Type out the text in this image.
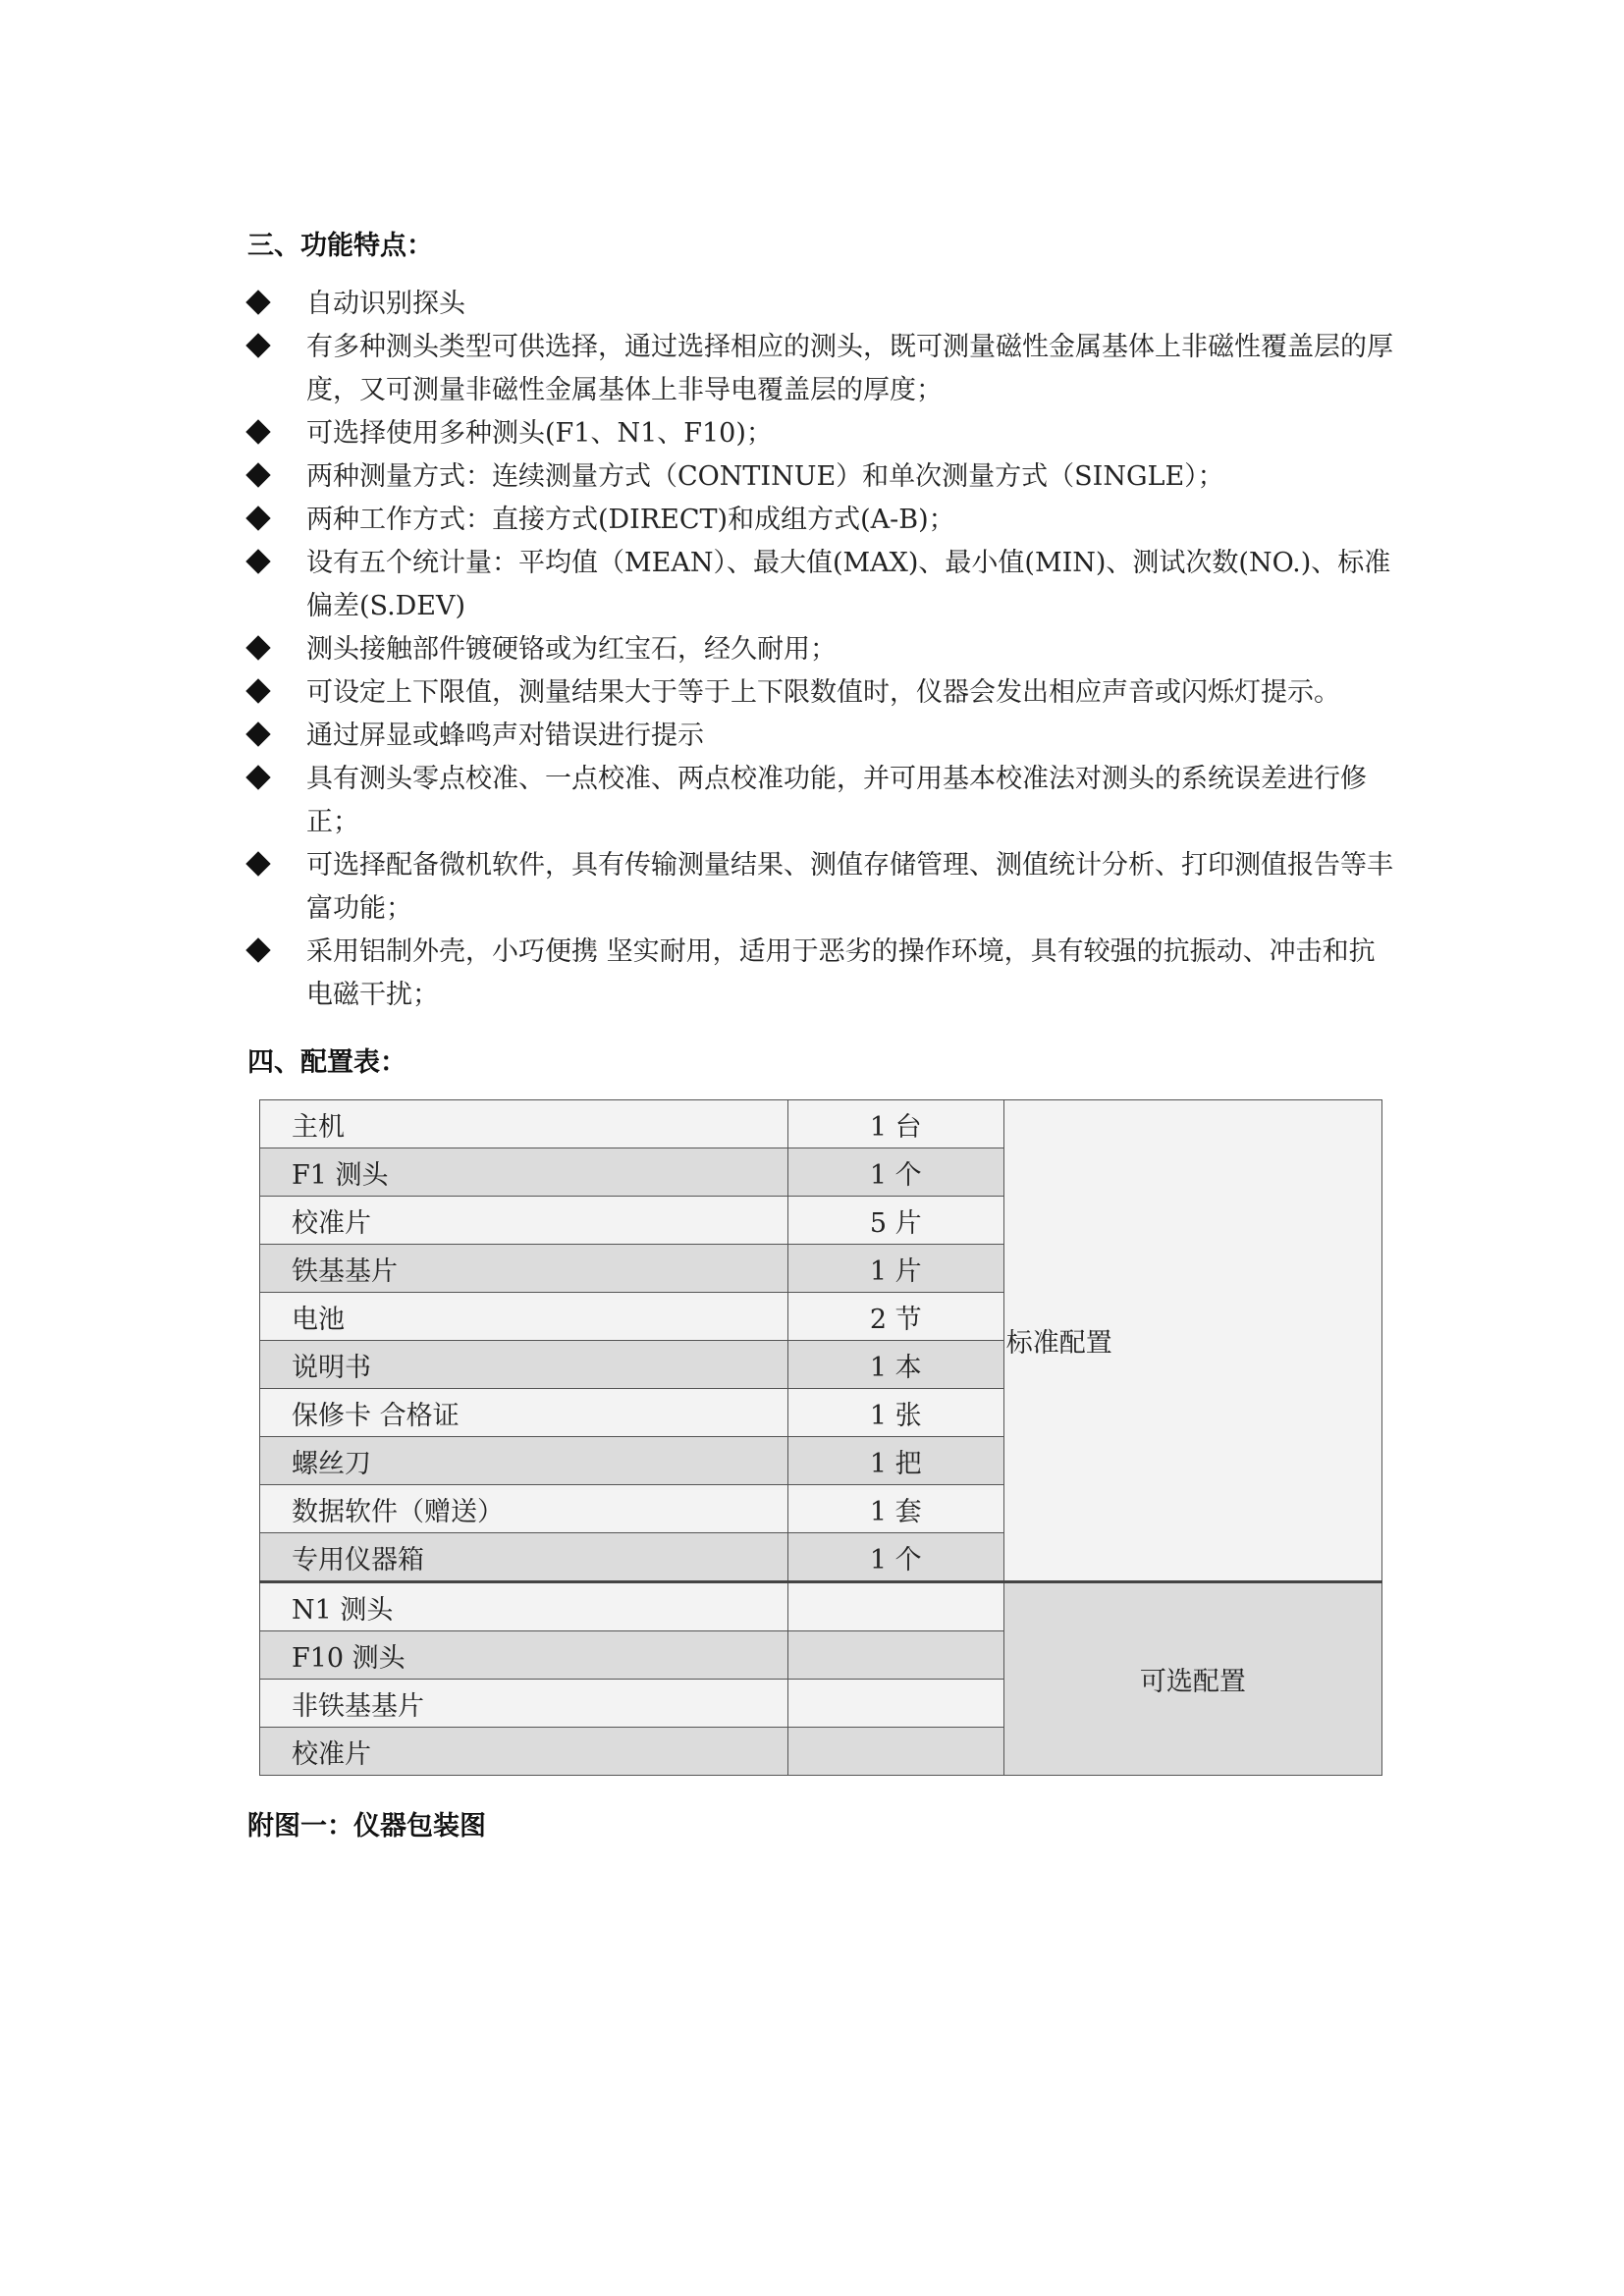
三、功能特点：
自动识别探头
有多种测头类型可供选择，通过选择相应的测头，既可测量磁性金属基体上非磁性覆盖层的厚度，又可测量非磁性金属基体上非导电覆盖层的厚度；
可选择使用多种测头(F1、N1、F10)；
两种测量方式：连续测量方式（CONTINUE）和单次测量方式（SINGLE）；
两种工作方式：直接方式(DIRECT)和成组方式(A-B)；
设有五个统计量：平均值（MEAN）、最大值(MAX)、最小值(MIN)、测试次数(NO.)、标准偏差(S.DEV)
测头接触部件镀硬铬或为红宝石，经久耐用；
可设定上下限值，测量结果大于等于上下限数值时，仪器会发出相应声音或闪烁灯提示。
通过屏显或蜂鸣声对错误进行提示
具有测头零点校准、一点校准、两点校准功能，并可用基本校准法对测头的系统误差进行修正；
可选择配备微机软件，具有传输测量结果、测值存储管理、测值统计分析、打印测值报告等丰富功能；
采用铝制外壳，小巧便携 坚实耐用，适用于恶劣的操作环境，具有较强的抗振动、冲击和抗电磁干扰；
四、配置表：
主机	1 台	标准配置
F1 测头	1 个	
校准片	5 片	
铁基基片	1 片	
电池	2 节	
说明书	1 本	
保修卡 合格证	1 张	
螺丝刀	1 把	
数据软件（赠送）	1 套	
专用仪器箱	1 个	
N1 测头		可选配置
F10 测头		
非铁基基片		
校准片		
附图一：仪器包装图
